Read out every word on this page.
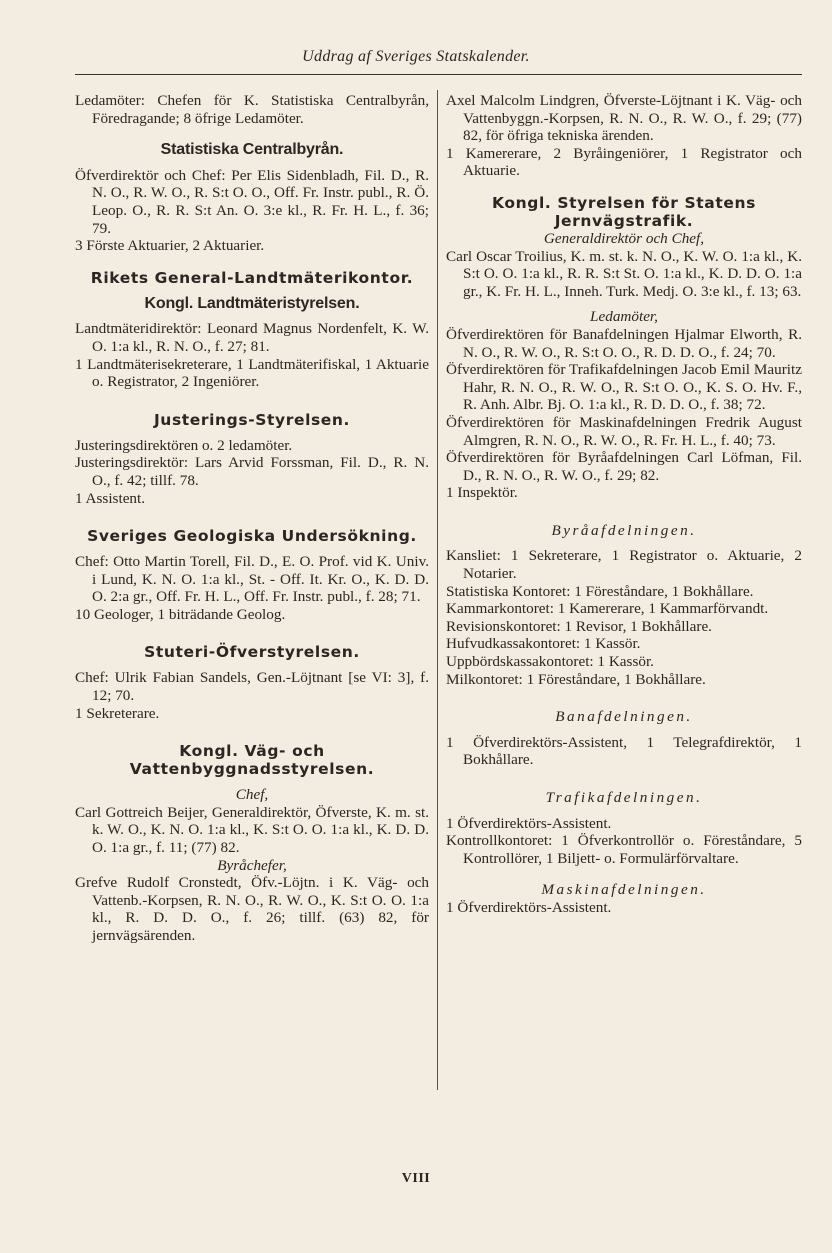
Uddrag af Sveriges Statskalender.

Ledamöter: Chefen för K. Statistiska Centralbyrån, Föredragande; 8 öfrige Ledamöter.

Statistiska Centralbyrån.

Öfverdirektör och Chef: Per Elis Sidenbladh, Fil. D., R. N. O., R. W. O., R. S:t O. O., Off. Fr. Instr. publ., R. Ö. Leop. O., R. R. S:t An. O. 3:e kl., R. Fr. H. L., f. 36; 79.

3 Förste Aktuarier, 2 Aktuarier.

Rikets General-Landtmäterikontor.

Kongl. Landtmäteristyrelsen.

Landtmäteridirektör: Leonard Magnus Nordenfelt, K. W. O. 1:a kl., R. N. O., f. 27; 81.

1 Landtmäterisekreterare, 1 Landtmäterifiskal, 1 Aktuarie o. Registrator, 2 Ingeniörer.

Justerings-Styrelsen.

Justeringsdirektören o. 2 ledamöter.

Justeringsdirektör: Lars Arvid Forssman, Fil. D., R. N. O., f. 42; tillf. 78.

1 Assistent.

Sveriges Geologiska Undersökning.

Chef: Otto Martin Torell, Fil. D., E. O. Prof. vid K. Univ. i Lund, K. N. O. 1:a kl., St. - Off. It. Kr. O., K. D. D. O. 2:a gr., Off. Fr. H. L., Off. Fr. Instr. publ., f. 28; 71.

10 Geologer, 1 biträdande Geolog.

Stuteri-Öfverstyrelsen.

Chef: Ulrik Fabian Sandels, Gen.-Löjtnant [se VI: 3], f. 12; 70.

1 Sekreterare.

Kongl. Väg- och Vattenbyggnadsstyrelsen.

Chef,

Carl Gottreich Beijer, Generaldirektör, Öfverste, K. m. st. k. W. O., K. N. O. 1:a kl., K. S:t O. O. 1:a kl., K. D. D. O. 1:a gr., f. 11; (77) 82.

Byråchefer,

Grefve Rudolf Cronstedt, Öfv.-Löjtn. i K. Väg- och Vattenb.-Korpsen, R. N. O., R. W. O., K. S:t O. O. 1:a kl., R. D. D. O., f. 26; tillf. (63) 82, för jernvägsärenden.

Axel Malcolm Lindgren, Öfverste-Löjtnant i K. Väg- och Vattenbyggn.-Korpsen, R. N. O., R. W. O., f. 29; (77) 82, för öfriga tekniska ärenden.

1 Kamererare, 2 Byråingeniörer, 1 Registrator och Aktuarie.

Kongl. Styrelsen för Statens Jernvägstrafik.

Generaldirektör och Chef,

Carl Oscar Troilius, K. m. st. k. N. O., K. W. O. 1:a kl., K. S:t O. O. 1:a kl., R. R. S:t St. O. 1:a kl., K. D. D. O. 1:a gr., K. Fr. H. L., Inneh. Turk. Medj. O. 3:e kl., f. 13; 63.

Ledamöter,

Öfverdirektören för Banafdelningen Hjalmar Elworth, R. N. O., R. W. O., R. S:t O. O., R. D. D. O., f. 24; 70.

Öfverdirektören för Trafikafdelningen Jacob Emil Mauritz Hahr, R. N. O., R. W. O., R. S:t O. O., K. S. O. Hv. F., R. Anh. Albr. Bj. O. 1:a kl., R. D. D. O., f. 38; 72.

Öfverdirektören för Maskinafdelningen Fredrik August Almgren, R. N. O., R. W. O., R. Fr. H. L., f. 40; 73.

Öfverdirektören för Byråafdelningen Carl Löfman, Fil. D., R. N. O., R. W. O., f. 29; 82.

1 Inspektör.

Byråafdelningen.

Kansliet: 1 Sekreterare, 1 Registrator o. Aktuarie, 2 Notarier.

Statistiska Kontoret: 1 Föreståndare, 1 Bokhållare.

Kammarkontoret: 1 Kamererare, 1 Kammarförvandt.

Revisionskontoret: 1 Revisor, 1 Bokhållare.

Hufvudkassakontoret: 1 Kassör.

Uppbördskassakontoret: 1 Kassör.

Milkontoret: 1 Föreståndare, 1 Bokhållare.

Banafdelningen.

1 Öfverdirektörs-Assistent, 1 Telegrafdirektör, 1 Bokhållare.

Trafikafdelningen.

1 Öfverdirektörs-Assistent.

Kontrollkontoret: 1 Öfverkontrollör o. Föreståndare, 5 Kontrollörer, 1 Biljett- o. Formulärförvaltare.

Maskinafdelningen.

1 Öfverdirektörs-Assistent.

VIII
